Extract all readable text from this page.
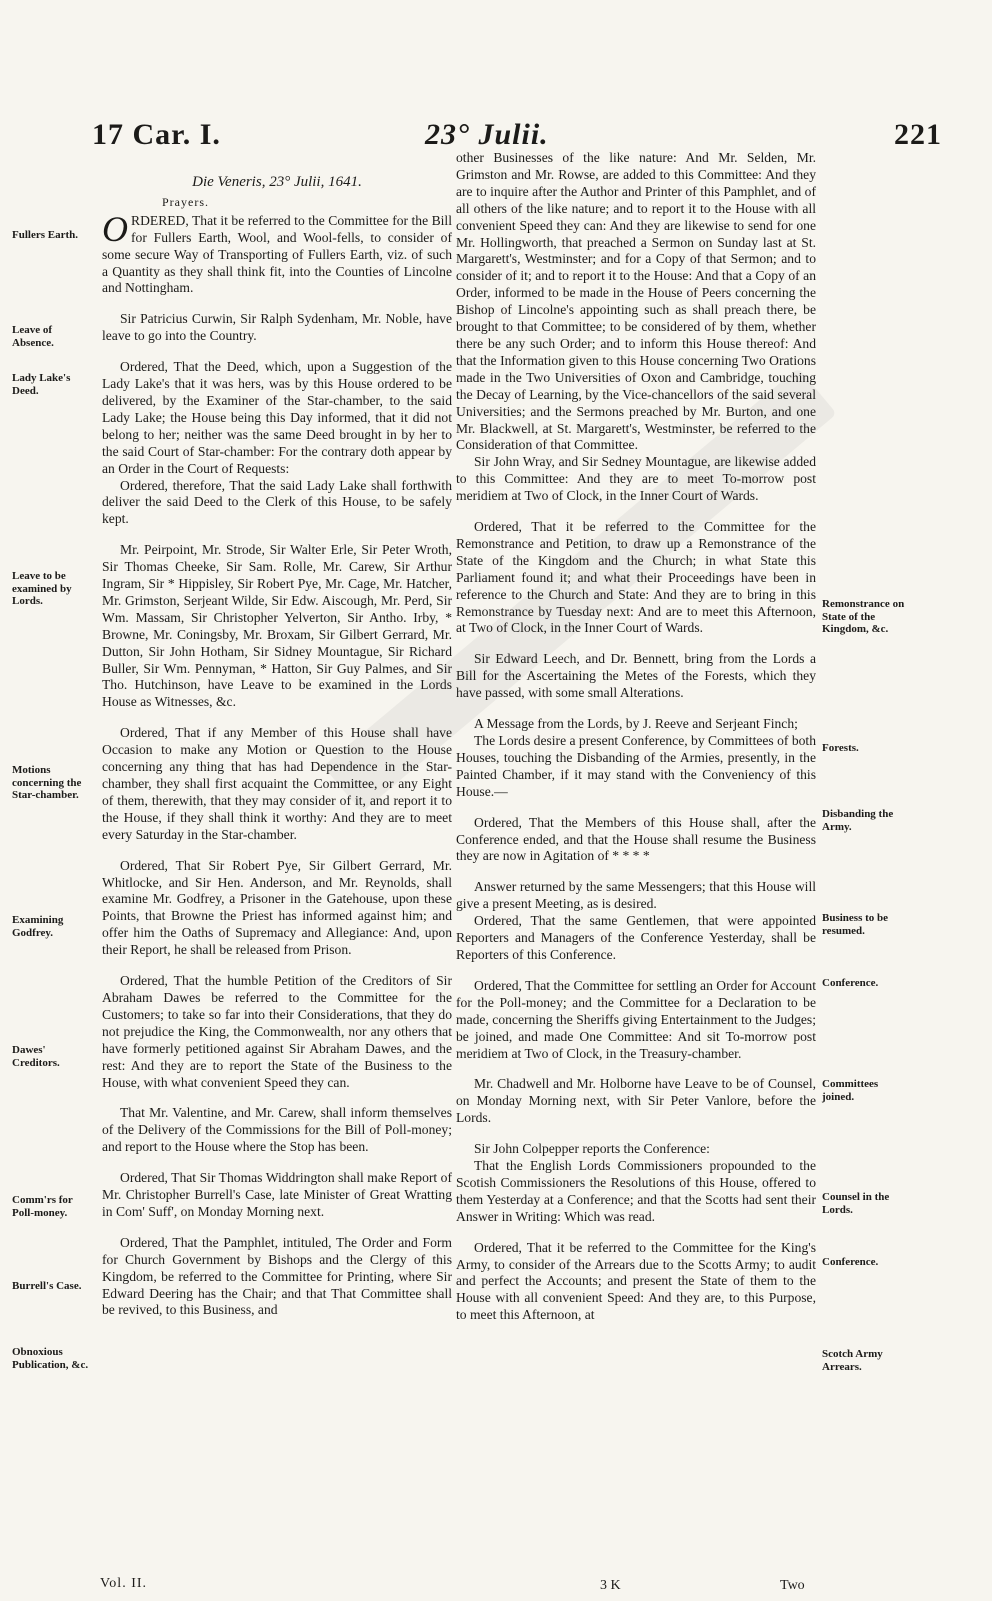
17 Car. I.	23° Julii.	221
Fullers Earth.
Leave of Absence.
Lady Lake's Deed.
Leave to be examined by Lords.
Motions concerning the Star-chamber.
Examining Godfrey.
Dawes' Creditors.
Comm'rs for Poll-money.
Burrell's Case.
Obnoxious Publication, &c.
Remonstrance on State of the Kingdom, &c.
Forests.
Disbanding the Army.
Business to be resumed.
Conference.
Committees joined.
Counsel in the Lords.
Conference.
Scotch Army Arrears.
Die Veneris, 23° Julii, 1641.

Prayers.

ORDERED, That it be referred to the Committee for the Bill for Fullers Earth, Wool, and Wool-fells, to consider of some secure Way of Transporting of Fullers Earth, viz. of such a Quantity as they shall think fit, into the Counties of Lincolne and Nottingham.

Sir Patricius Curwin, Sir Ralph Sydenham, Mr. Noble, have leave to go into the Country.

Ordered, That the Deed, which, upon a Suggestion of the Lady Lake's that it was hers, was by this House ordered to be delivered, by the Examiner of the Star-chamber, to the said Lady Lake; the House being this Day informed, that it did not belong to her; neither was the same Deed brought in by her to the said Court of Star-chamber: For the contrary doth appear by an Order in the Court of Requests:

Ordered, therefore, That the said Lady Lake shall forthwith deliver the said Deed to the Clerk of this House, to be safely kept.

Mr. Peirpoint, Mr. Strode, Sir Walter Erle, Sir Peter Wroth, Sir Thomas Cheeke, Sir Sam. Rolle, Mr. Carew, Sir Arthur Ingram, Sir * Hippisley, Sir Robert Pye, Mr. Cage, Mr. Hatcher, Mr. Grimston, Serjeant Wilde, Sir Edw. Aiscough, Mr. Perd, Sir Wm. Massam, Sir Christopher Yelverton, Sir Antho. Irby, * Browne, Mr. Coningsby, Mr. Broxam, Sir Gilbert Gerrard, Mr. Dutton, Sir John Hotham, Sir Sidney Mountague, Sir Richard Buller, Sir Wm. Pennyman, * Hatton, Sir Guy Palmes, and Sir Tho. Hutchinson, have Leave to be examined in the Lords House as Witnesses, &c.

Ordered, That if any Member of this House shall have Occasion to make any Motion or Question to the House concerning any thing that has had Dependence in the Star-chamber, they shall first acquaint the Committee, or any Eight of them, therewith, that they may consider of it, and report it to the House, if they shall think it worthy: And they are to meet every Saturday in the Star-chamber.

Ordered, That Sir Robert Pye, Sir Gilbert Gerrard, Mr. Whitlocke, and Sir Hen. Anderson, and Mr. Reynolds, shall examine Mr. Godfrey, a Prisoner in the Gatehouse, upon these Points, that Browne the Priest has informed against him; and offer him the Oaths of Supremacy and Allegiance: And, upon their Report, he shall be released from Prison.

Ordered, That the humble Petition of the Creditors of Sir Abraham Dawes be referred to the Committee for the Customers; to take so far into their Considerations, that they do not prejudice the King, the Commonwealth, nor any others that have formerly petitioned against Sir Abraham Dawes, and the rest: And they are to report the State of the Business to the House, with what convenient Speed they can.

That Mr. Valentine, and Mr. Carew, shall inform themselves of the Delivery of the Commissions for the Bill of Poll-money; and report to the House where the Stop has been.

Ordered, That Sir Thomas Widdrington shall make Report of Mr. Christopher Burrell's Case, late Minister of Great Wratting in Com' Suff', on Monday Morning next.

Ordered, That the Pamphlet, intituled, The Order and Form for Church Government by Bishops and the Clergy of this Kingdom, be referred to the Committee for Printing, where Sir Edward Deering has the Chair; and that That Committee shall be revived, to this Business, and

other Businesses of the like nature: And Mr. Selden, Mr. Grimston and Mr. Rowse, are added to this Committee: And they are to inquire after the Author and Printer of this Pamphlet, and of all others of the like nature; and to report it to the House with all convenient Speed they can: And they are likewise to send for one Mr. Hollingworth, that preached a Sermon on Sunday last at St. Margarett's, Westminster; and for a Copy of that Sermon; and to consider of it; and to report it to the House: And that a Copy of an Order, informed to be made in the House of Peers concerning the Bishop of Lincolne's appointing such as shall preach there, be brought to that Committee; to be considered of by them, whether there be any such Order; and to inform this House thereof: And that the Information given to this House concerning Two Orations made in the Two Universities of Oxon and Cambridge, touching the Decay of Learning, by the Vice-chancellors of the said several Universities; and the Sermons preached by Mr. Burton, and one Mr. Blackwell, at St. Margarett's, Westminster, be referred to the Consideration of that Committee.

Sir John Wray, and Sir Sedney Mountague, are likewise added to this Committee: And they are to meet To-morrow post meridiem at Two of Clock, in the Inner Court of Wards.

Ordered, That it be referred to the Committee for the Remonstrance and Petition, to draw up a Remonstrance of the State of the Kingdom and the Church; in what State this Parliament found it; and what their Proceedings have been in reference to the Church and State: And they are to bring in this Remonstrance by Tuesday next: And are to meet this Afternoon, at Two of Clock, in the Inner Court of Wards.

Sir Edward Leech, and Dr. Bennett, bring from the Lords a Bill for the Ascertaining the Metes of the Forests, which they have passed, with some small Alterations.

A Message from the Lords, by J. Reeve and Serjeant Finch;

The Lords desire a present Conference, by Committees of both Houses, touching the Disbanding of the Armies, presently, in the Painted Chamber, if it may stand with the Conveniency of this House.—

Ordered, That the Members of this House shall, after the Conference ended, and that the House shall resume the Business they are now in Agitation of * * * *

Answer returned by the same Messengers; that this House will give a present Meeting, as is desired.

Ordered, That the same Gentlemen, that were appointed Reporters and Managers of the Conference Yesterday, shall be Reporters of this Conference.

Ordered, That the Committee for settling an Order for Account for the Poll-money; and the Committee for a Declaration to be made, concerning the Sheriffs giving Entertainment to the Judges; be joined, and made One Committee: And sit To-morrow post meridiem at Two of Clock, in the Treasury-chamber.

Mr. Chadwell and Mr. Holborne have Leave to be of Counsel, on Monday Morning next, with Sir Peter Vanlore, before the Lords.

Sir John Colpepper reports the Conference:

That the English Lords Commissioners propounded to the Scotish Commissioners the Resolutions of this House, offered to them Yesterday at a Conference; and that the Scotts had sent their Answer in Writing: Which was read.

Ordered, That it be referred to the Committee for the King's Army, to consider of the Arrears due to the Scotts Army; to audit and perfect the Accounts; and present the State of them to the House with all convenient Speed: And they are, to this Purpose, to meet this Afternoon, at

Vol. II.	3 K	Two
